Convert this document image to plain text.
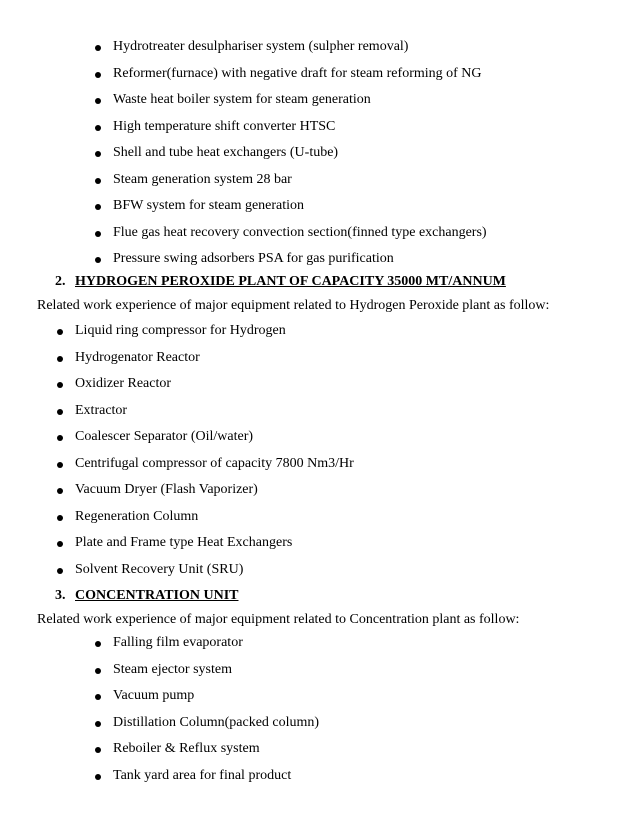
Hydrotreater desulphariser system (sulpher removal)
Reformer(furnace) with negative draft for steam reforming of NG
Waste heat boiler system for steam generation
High temperature shift converter HTSC
Shell and tube heat exchangers (U-tube)
Steam generation system 28 bar
BFW system for steam generation
Flue gas heat recovery convection section(finned type exchangers)
Pressure swing adsorbers PSA for gas purification
2. HYDROGEN PEROXIDE PLANT OF CAPACITY 35000 MT/ANNUM
Related work experience of major equipment related to Hydrogen Peroxide plant as follow:
Liquid ring compressor for Hydrogen
Hydrogenator Reactor
Oxidizer Reactor
Extractor
Coalescer Separator (Oil/water)
Centrifugal compressor of capacity 7800 Nm3/Hr
Vacuum Dryer (Flash Vaporizer)
Regeneration Column
Plate and Frame type Heat Exchangers
Solvent Recovery Unit (SRU)
3. CONCENTRATION UNIT
Related work experience of major equipment related to Concentration plant as follow:
Falling film evaporator
Steam ejector system
Vacuum pump
Distillation Column(packed column)
Reboiler & Reflux system
Tank yard area for final product
